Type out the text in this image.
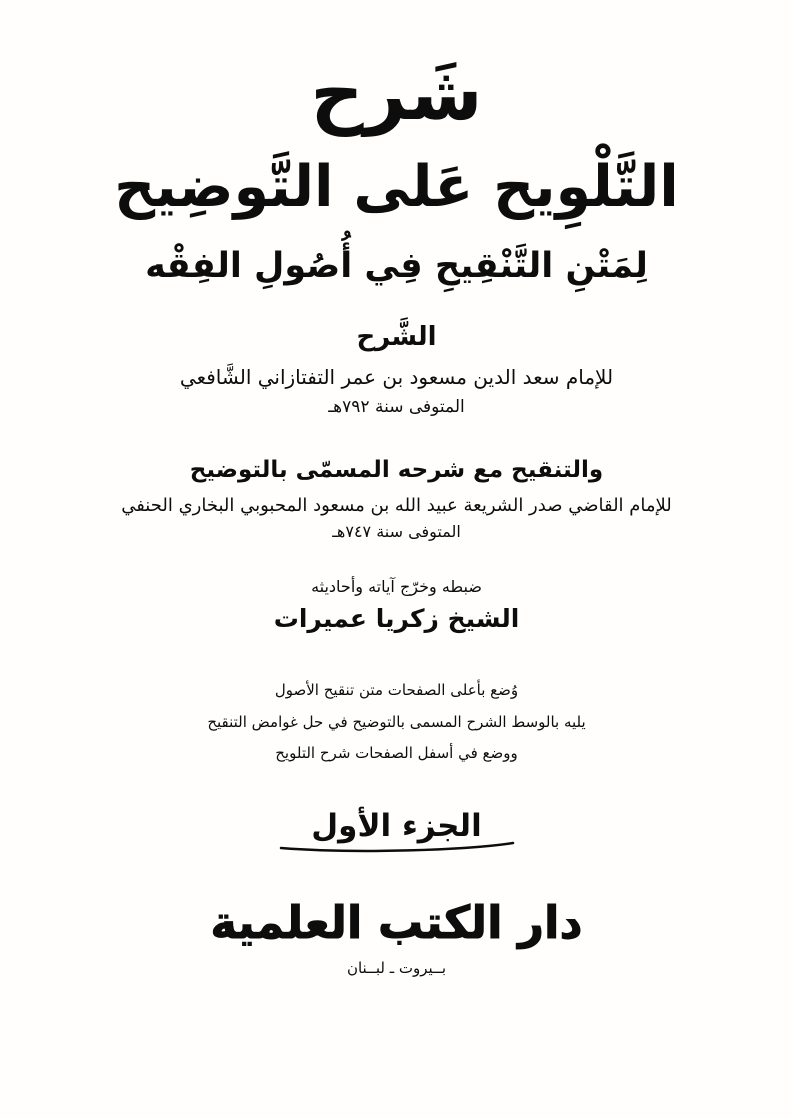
شَرح
التَّلْوِيح عَلى التَّوضِيح
لِمَتْنِ التَّنْقِيحِ فِي أُصُولِ الفِقْه
الشَّرح
للإمام سعد الدين مسعود بن عمر التفتازاني الشَّافعي
المتوفى سنة ٧٩٢هـ
والتنقيح مع شرحه المسمّى بالتوضيح
للإمام القاضي صدر الشريعة عبيد الله بن مسعود المحبوبي البخاري الحنفي
المتوفى سنة ٧٤٧هـ
ضبطه وخرّج آياته وأحاديثه
الشيخ زكريا عميرات
وُضع بأعلى الصفحات متن تنقيح الأصول
يليه بالوسط الشرح المسمى بالتوضيح في حل غوامض التنقيح
ووضع في أسفل الصفحات شرح التلويح
الجزء الأول
دار الكتب العلمية
بــيروت ـ لبــنان
